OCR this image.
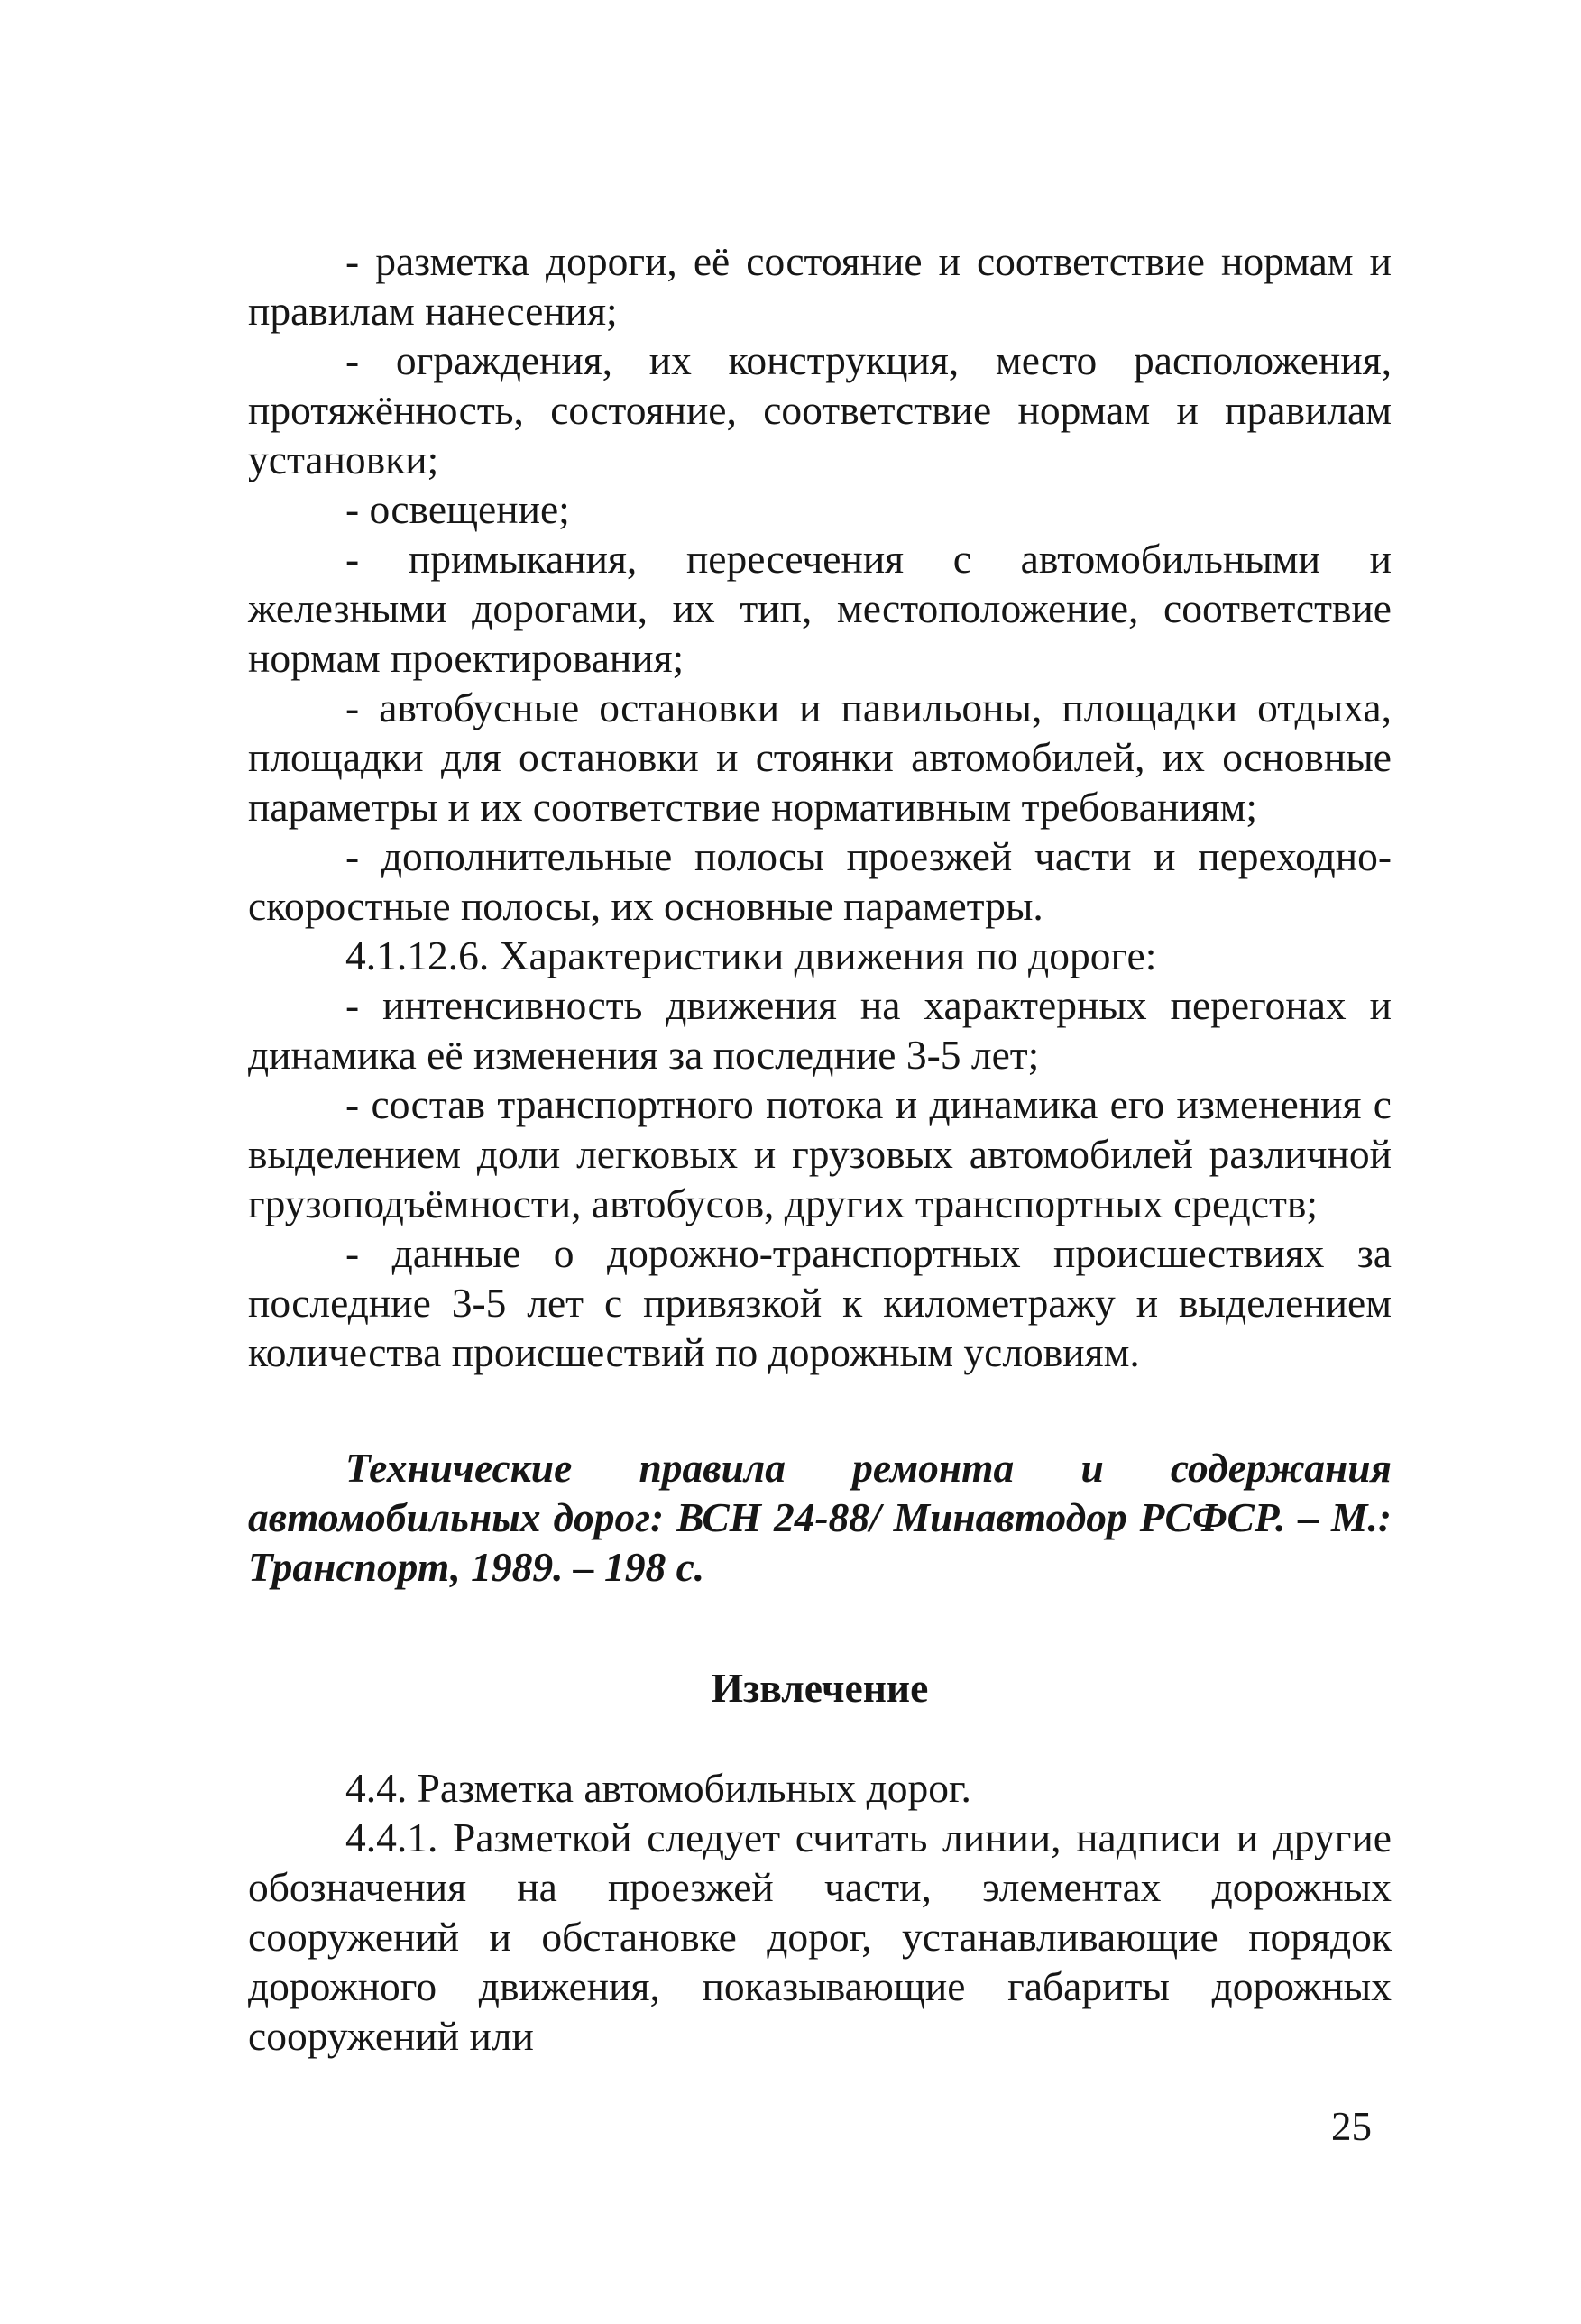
- разметка дороги, её состояние и соответствие нормам и правилам нанесения;

- ограждения, их конструкция, место расположения, протяжённость, состояние, соответствие нормам и правилам установки;

- освещение;

- примыкания, пересечения с автомобильными и железными дорогами, их тип, местоположение, соответствие нормам проектирования;

- автобусные остановки и павильоны, площадки отдыха, площадки для остановки и стоянки автомобилей, их основные параметры и их соответствие нормативным требованиям;

- дополнительные полосы проезжей части и переходно-скоростные полосы, их основные параметры.

4.1.12.6. Характеристики движения по дороге:

- интенсивность движения на характерных перегонах и динамика её изменения за последние 3-5 лет;

- состав транспортного потока и динамика его изменения с выделением доли легковых и грузовых автомобилей различной грузоподъёмности, автобусов, других транспортных средств;

- данные о дорожно-транспортных происшествиях за последние 3-5 лет с привязкой к километражу и выделением количества происшествий по дорожным условиям.

Технические правила ремонта и содержания автомобильных дорог: ВСН 24-88/ Минавтодор РСФСР. – М.: Транспорт, 1989. – 198 с.

Извлечение

4.4. Разметка автомобильных дорог.

4.4.1. Разметкой следует считать линии, надписи и другие обозначения на проезжей части, элементах дорожных сооружений и обстановке дорог, устанавливающие порядок дорожного движения, показывающие габариты дорожных сооружений или

25
